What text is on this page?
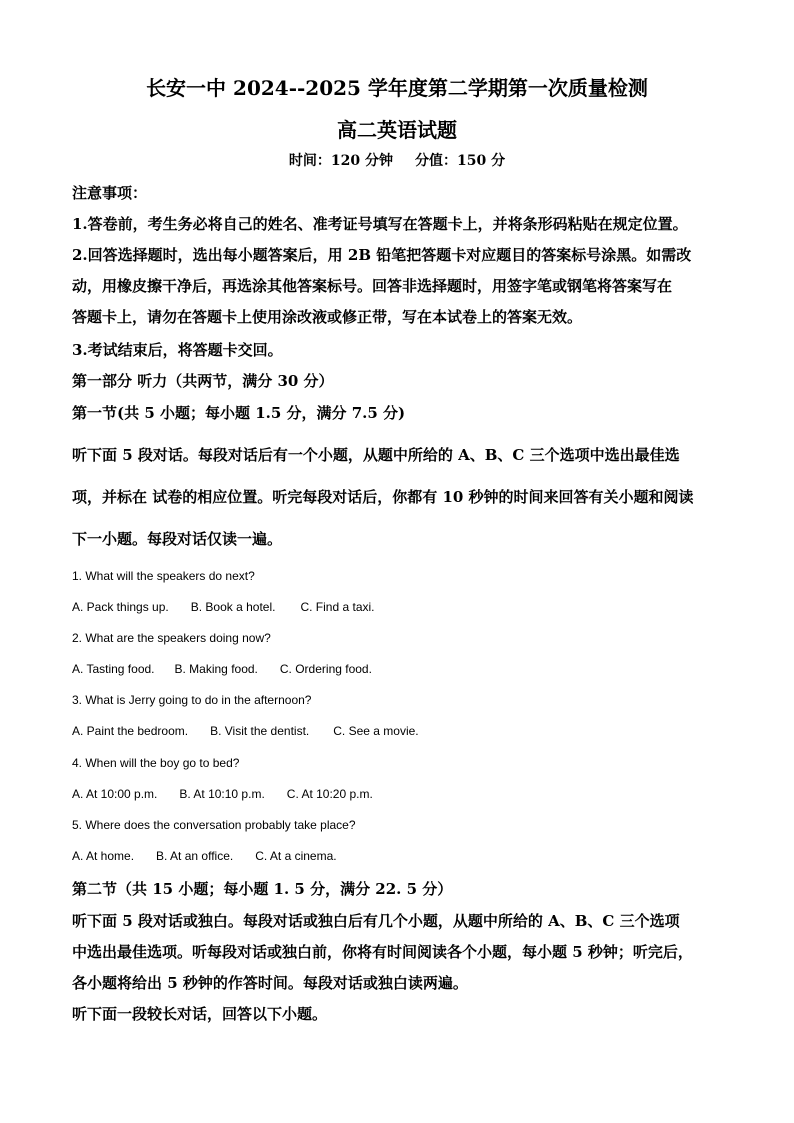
长安一中 2024--2025 学年度第二学期第一次质量检测
高二英语试题
时间：120 分钟 分值：150 分
注意事项：
1.答卷前，考生务必将自己的姓名、准考证号填写在答题卡上，并将条形码粘贴在规定位置。
2.回答选择题时，选出每小题答案后，用 2B 铅笔把答题卡对应题目的答案标号涂黑。如需改
动，用橡皮擦干净后，再选涂其他答案标号。回答非选择题时，用签字笔或钢笔将答案写在
答题卡上，请勿在答题卡上使用涂改液或修正带，写在本试卷上的答案无效。
3.考试结束后，将答题卡交回。
第一部分 听力（共两节，满分 30 分）
第一节(共 5 小题；每小题 1.5 分，满分 7.5 分)
听下面 5 段对话。每段对话后有一个小题，从题中所给的 A、B、C 三个选项中选出最佳选
项，并标在 试卷的相应位置。听完每段对话后，你都有 10 秒钟的时间来回答有关小题和阅读
下一小题。每段对话仅读一遍。
1. What will the speakers do next?
A. Pack things up. B. Book a hotel. C. Find a taxi.
2. What are the speakers doing now?
A. Tasting food. B. Making food. C. Ordering food.
3. What is Jerry going to do in the afternoon?
A. Paint the bedroom. B. Visit the dentist. C. See a movie.
4. When will the boy go to bed?
A. At 10:00 p.m. B. At 10:10 p.m. C. At 10:20 p.m.
5. Where does the conversation probably take place?
A. At home. B. At an office. C. At a cinema.
第二节（共 15 小题；每小题 1. 5 分，满分 22. 5 分）
听下面 5 段对话或独白。每段对话或独白后有几个小题，从题中所给的 A、B、C 三个选项
中选出最佳选项。听每段对话或独白前，你将有时间阅读各个小题，每小题 5 秒钟；听完后，
各小题将给出 5 秒钟的作答时间。每段对话或独白读两遍。
听下面一段较长对话，回答以下小题。
